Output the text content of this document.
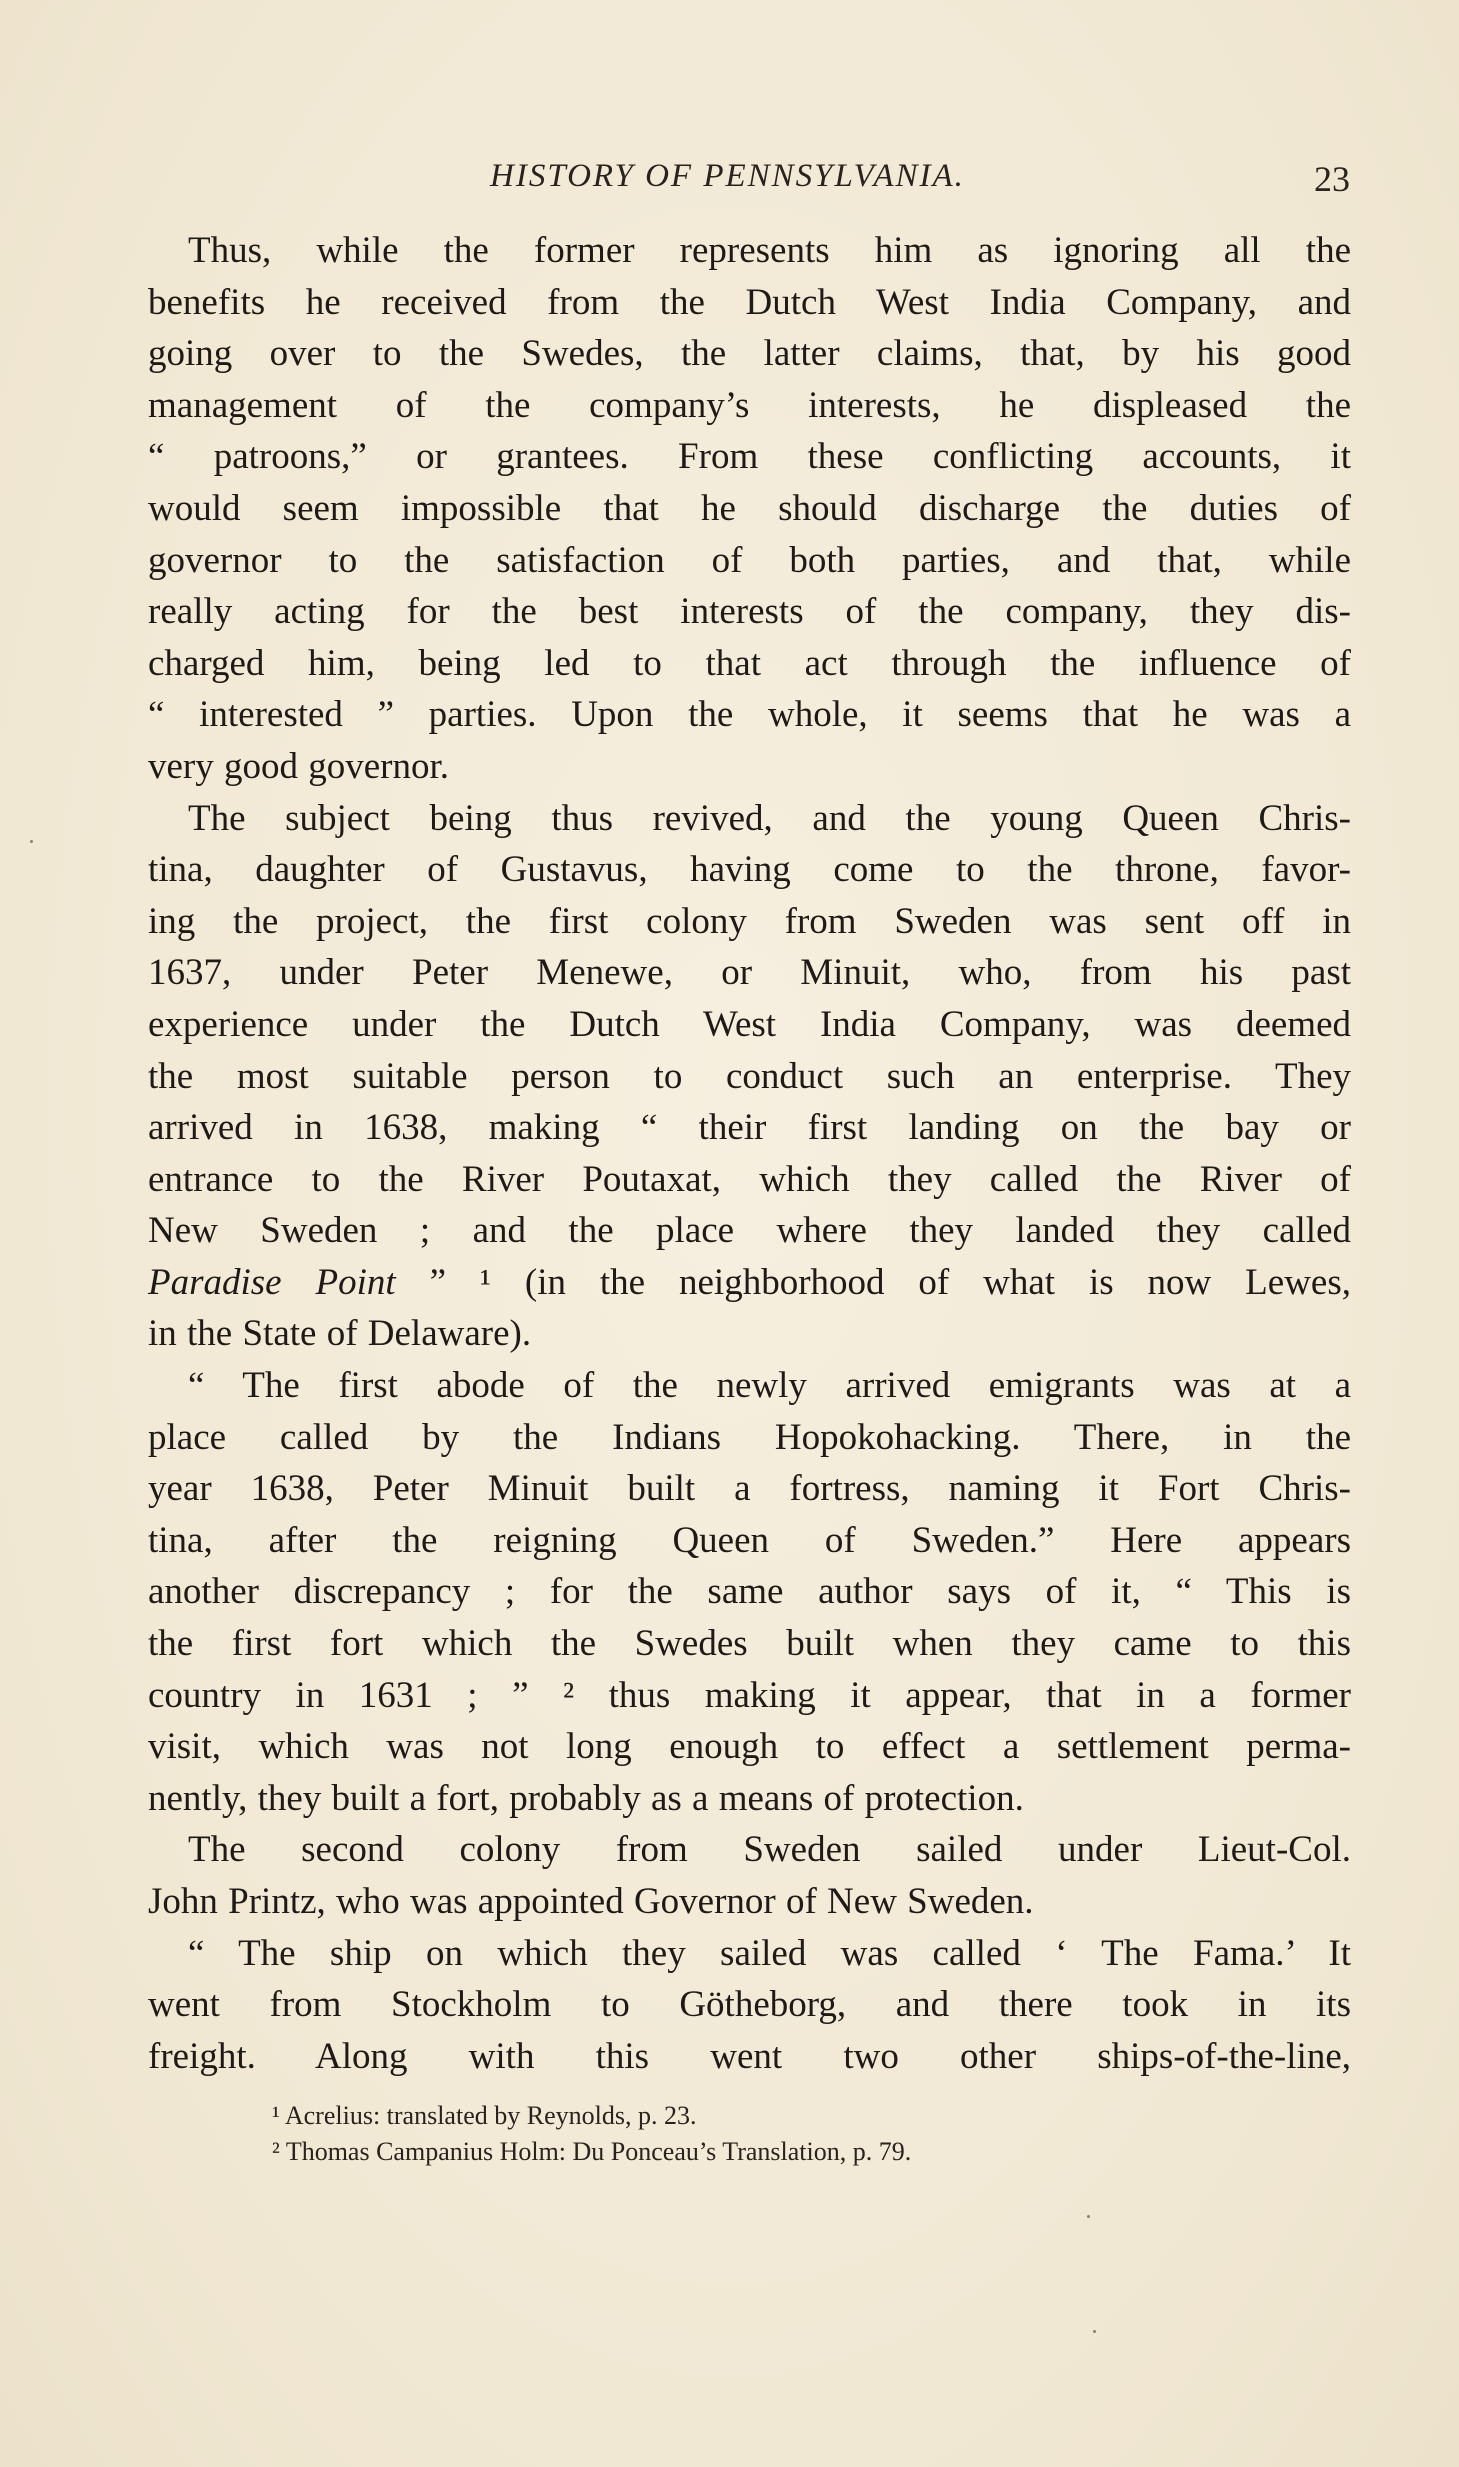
HISTORY OF PENNSYLVANIA.	23
Thus, while the former represents him as ignoring all the
benefits he received from the Dutch West India Company, and
going over to the Swedes, the latter claims, that, by his good
management of the company’s interests, he displeased the
“ patroons,” or grantees. From these conflicting accounts, it
would seem impossible that he should discharge the duties of
governor to the satisfaction of both parties, and that, while
really acting for the best interests of the company, they dis-
charged him, being led to that act through the influence of
“ interested ” parties. Upon the whole, it seems that he was a
very good governor.
The subject being thus revived, and the young Queen Chris-
tina, daughter of Gustavus, having come to the throne, favor-
ing the project, the first colony from Sweden was sent off in
1637, under Peter Menewe, or Minuit, who, from his past
experience under the Dutch West India Company, was deemed
the most suitable person to conduct such an enterprise. They
arrived in 1638, making “ their first landing on the bay or
entrance to the River Poutaxat, which they called the River of
New Sweden ; and the place where they landed they called
Paradise Point ” ¹ (in the neighborhood of what is now Lewes,
in the State of Delaware).
“ The first abode of the newly arrived emigrants was at a
place called by the Indians Hopokohacking. There, in the
year 1638, Peter Minuit built a fortress, naming it Fort Chris-
tina, after the reigning Queen of Sweden.” Here appears
another discrepancy ; for the same author says of it, “ This is
the first fort which the Swedes built when they came to this
country in 1631 ; ” ² thus making it appear, that in a former
visit, which was not long enough to effect a settlement perma-
nently, they built a fort, probably as a means of protection.
The second colony from Sweden sailed under Lieut-Col.
John Printz, who was appointed Governor of New Sweden.
“ The ship on which they sailed was called ‘ The Fama.’ It
went from Stockholm to Götheborg, and there took in its
freight. Along with this went two other ships-of-the-line,
¹ Acrelius: translated by Reynolds, p. 23.
² Thomas Campanius Holm: Du Ponceau’s Translation, p. 79.
